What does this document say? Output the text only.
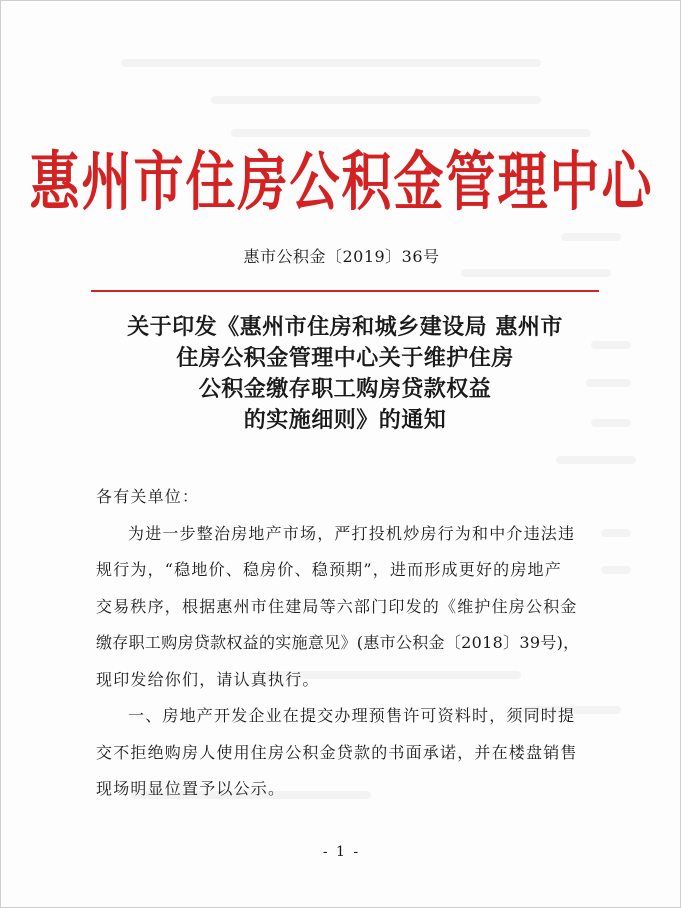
惠州市住房公积金管理中心
惠市公积金〔2019〕36号
关于印发《惠州市住房和城乡建设局 惠州市
住房公积金管理中心关于维护住房
公积金缴存职工购房贷款权益
的实施细则》的通知

各有关单位：

为进一步整治房地产市场，严打投机炒房行为和中介违法违
规行为，“稳地价、稳房价、稳预期”，进而形成更好的房地产
交易秩序，根据惠州市住建局等六部门印发的《维护住房公积金
缴存职工购房贷款权益的实施意见》(惠市公积金〔2018〕39号)，
现印发给你们，请认真执行。

一、房地产开发企业在提交办理预售许可资料时，须同时提
交不拒绝购房人使用住房公积金贷款的书面承诺，并在楼盘销售
现场明显位置予以公示。

- 1 -
